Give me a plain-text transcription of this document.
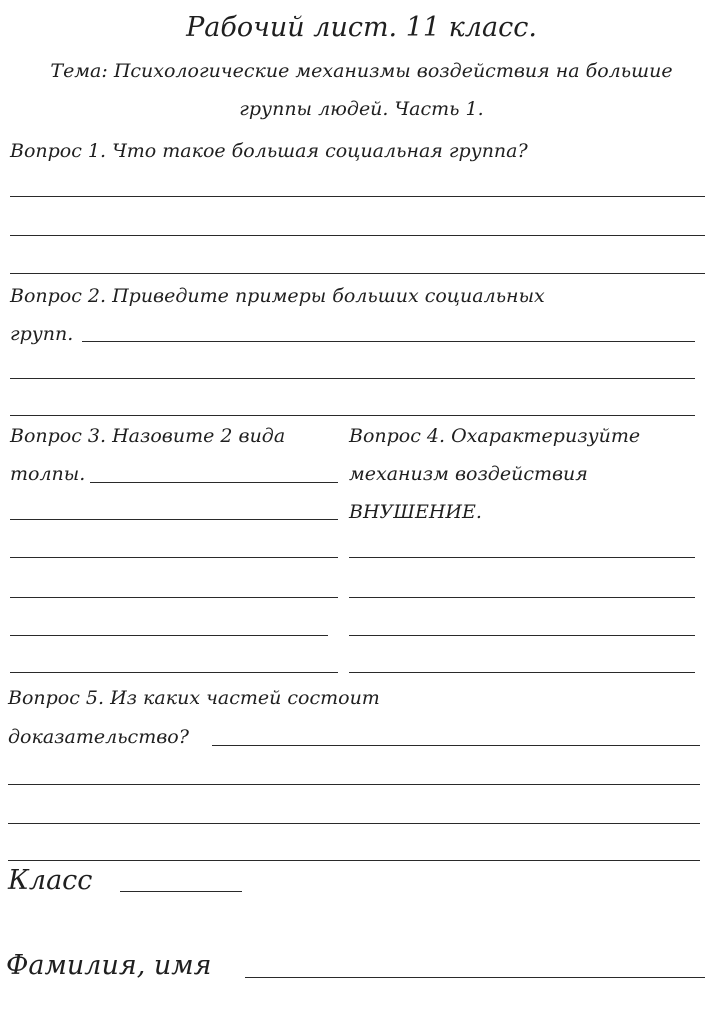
Рабочий лист. 11 класс.
Тема: Психологические механизмы воздействия на большие
группы людей. Часть 1.
Вопрос 1. Что такое большая социальная группа?
Вопрос 2. Приведите примеры больших социальных
групп.
Вопрос 3. Назовите 2 вида
толпы.
Вопрос 4. Охарактеризуйте
механизм воздействия
ВНУШЕНИЕ.
Вопрос 5. Из каких частей состоит
доказательство?
Класс
Фамилия, имя
